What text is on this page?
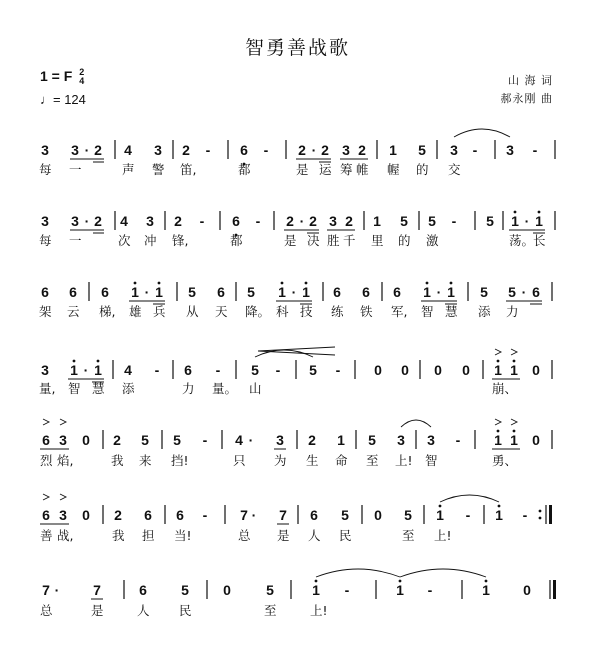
智勇善战歌
1 = F 2
4
♩= 124
山 海 词
郝永刚 曲
3 3 · 2 4 3 2 - 6 - 2 · 2 3 2 1 5 3 - 3 -
每 一	声 警 笛,	都	是 运 筹 帷 幄 的 交
3 3 · 2 4 3 2 - 6 - 2 · 2 3 2 1 5 5 - 5 1 · 1
每 一	次 冲 锋,	都	是 决 胜 千 里 的 激	荡。
长
6 6 6 1 · 1 5 6 5 1 · 1 6 6 6 1 · 1 5 5 · 6
架 云 梯, 雄 兵 从 天 降。 科 技 练 铁 军, 智 慧 添 力
3 1 · 1 4 - 6 - 5 - 5 - 0 0 0 0 1 1 0
量, 智 慧 添	力 量。 山	崩、
6 3 0 2 5 5 - 4 · 3 2 1 5 3 3 - 1 1 0
烈 焰,	我 来 挡!	只 为 生 命 至 上! 智	勇、
6 3 0 2 6 6 - 7 · 7 6 5 0 5 1 - 1 -
善 战,	我 担 当!	总 是 人 民	至 上!
7 · 7	6 5 0	5	1 -	1 -	1 0
总	是	人 民	至	上!
